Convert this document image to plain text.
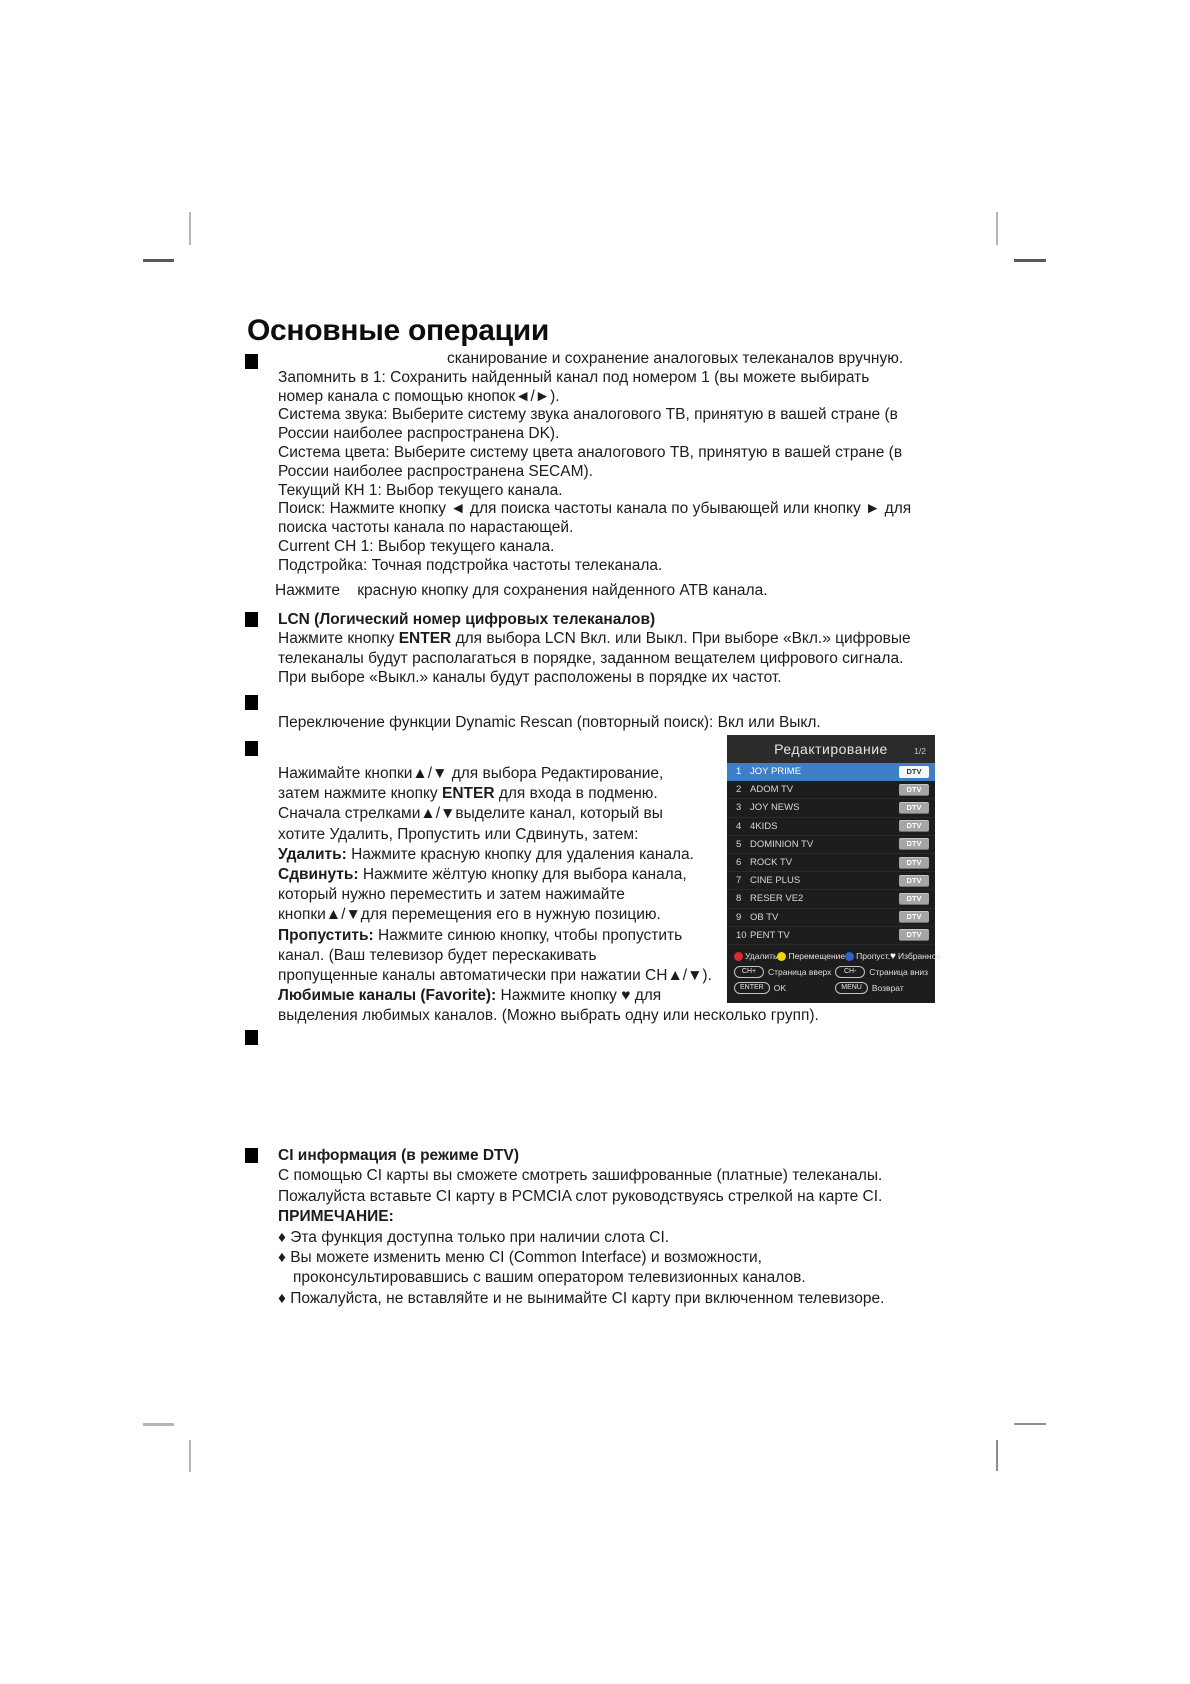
Основные операции
сканирование и сохранение аналоговых телеканалов вручную.
Запомнить в 1: Сохранить найденный канал под номером 1 (вы можете выбирать
номер канала с помощью кнопок◄/►).
Система звука: Выберите систему звука аналогового ТВ, принятую в вашей стране (в
России наиболее распространена DK).
Система цвета: Выберите систему цвета аналогового ТВ, принятую в вашей стране (в
России наиболее распространена SECAM).
Текущий КН 1: Выбор текущего канала.
Поиск: Нажмите кнопку ◄ для поиска частоты канала по убывающей или кнопку ► для
поиска частоты канала по нарастающей.
Current CH 1: Выбор текущего канала.
Подстройка: Точная подстройка частоты телеканала.
Нажмите    красную кнопку для сохранения найденного АТВ канала.
LCN (Логический номер цифровых телеканалов)
Нажмите кнопку ENTER для выбора LCN Вкл. или Выкл. При выборе «Вкл.» цифровые
телеканалы будут располагаться в порядке, заданном вещателем цифрового сигнала.
При выборе «Выкл.» каналы будут расположены в порядке их частот.
Переключение функции Dynamic Rescan (повторный поиск): Вкл или Выкл.
Нажимайте кнопки▲/▼ для выбора Редактирование,
затем нажмите кнопку ENTER для входа в подменю.
Сначала стрелками▲/▼выделите канал, который вы
хотите Удалить, Пропустить или Сдвинуть, затем:
Удалить: Нажмите красную кнопку для удаления канала.
Сдвинуть: Нажмите жёлтую кнопку для выбора канала,
который нужно переместить и затем нажимайте
кнопки▲/▼для перемещения его в нужную позицию.
Пропустить: Нажмите синюю кнопку, чтобы пропустить
канал. (Ваш телевизор будет перескакивать
пропущенные каналы автоматически при нажатии CH▲/▼).
Любимые каналы (Favorite): Нажмите кнопку ♥ для
выделения любимых каналов. (Можно выбрать одну или несколько групп).
CI информация (в режиме DTV)
С помощью CI карты вы сможете смотреть зашифрованные (платные) телеканалы.
Пожалуйста вставьте CI карту в PCMCIA слот руководствуясь стрелкой на карте CI.
ПРИМЕЧАНИЕ:
♦ Эта функция доступна только при наличии слота CI.
♦ Вы можете изменить меню CI (Common Interface) и возможности,
проконсультировавшись с вашим оператором телевизионных каналов.
♦ Пожалуйста, не вставляйте и не вынимайте CI карту при включенном телевизоре.
Редактирование	1/2
1 JOY PRIME	DTV
2 ADOM TV	DTV
3 JOY NEWS	DTV
4 4KIDS	DTV
5 DOMINION TV	DTV
6 ROCK TV	DTV
7 CINE PLUS	DTV
8 RESER VE2	DTV
9 OB TV	DTV
10 PENT TV	DTV
Удалить Перемещение Пропуст. ♥ Избранное
CH+	Страница вверх	CH-	Страница вниз
ENTER	OK	MENU	Возврат
